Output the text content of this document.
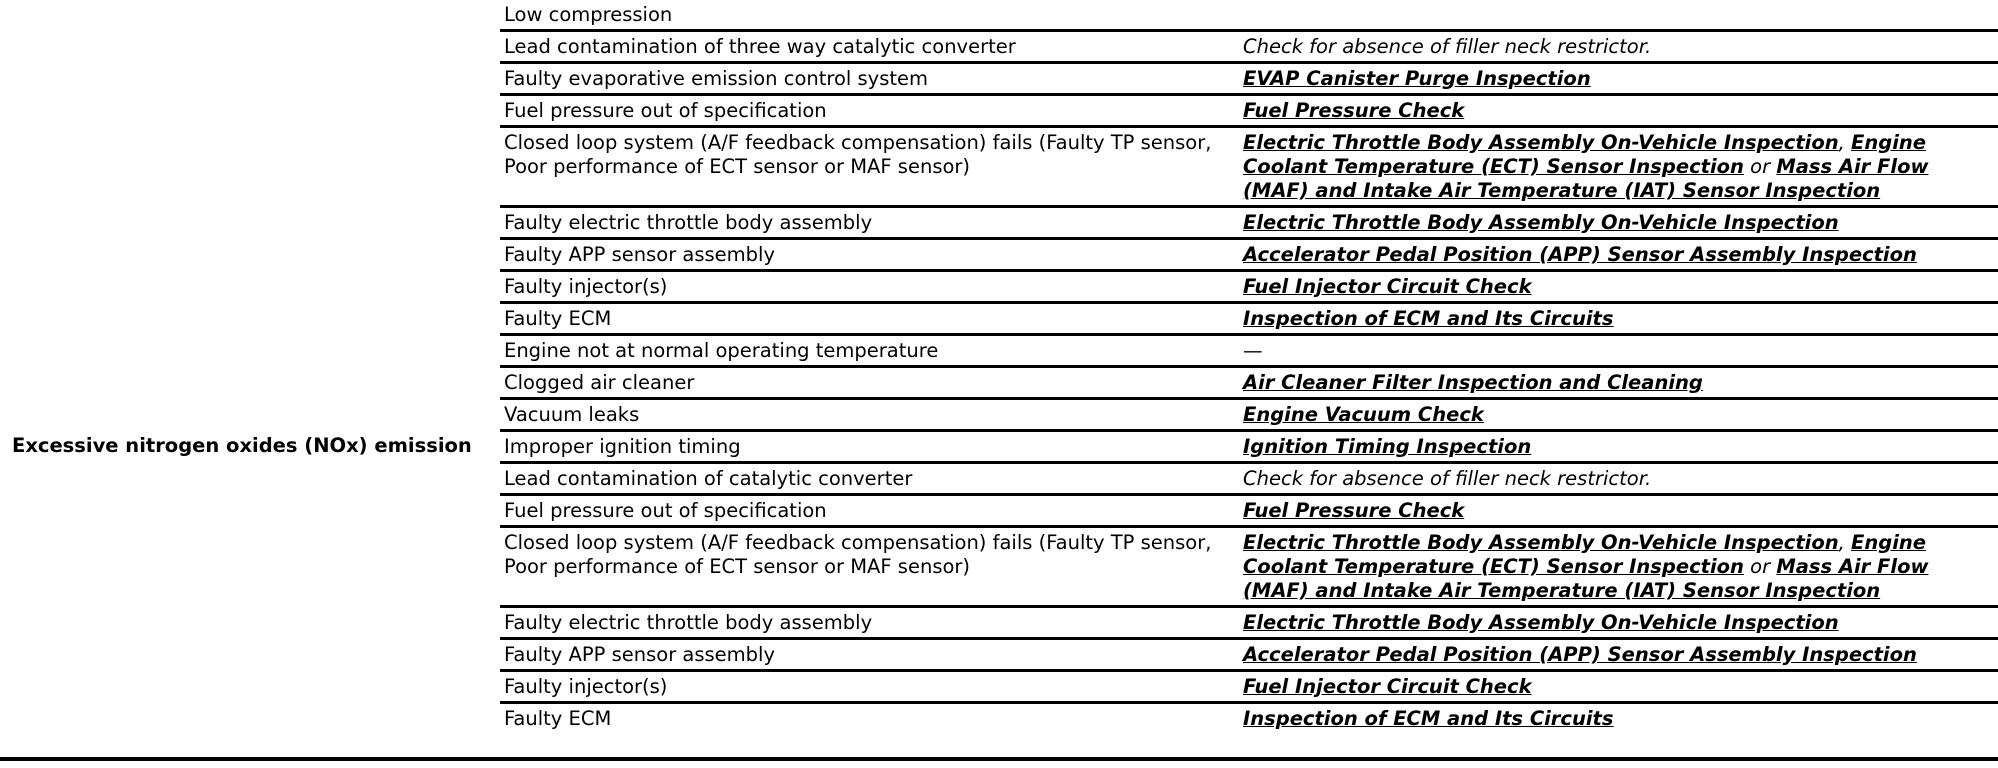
	Low compression	
	Lead contamination of three way catalytic converter	Check for absence of filler neck restrictor.
	Faulty evaporative emission control system	EVAP Canister Purge Inspection
	Fuel pressure out of specification	Fuel Pressure Check
	Closed loop system (A/F feedback compensation) fails (Faulty TP sensor, Poor performance of ECT sensor or MAF sensor)	Electric Throttle Body Assembly On-Vehicle Inspection, Engine Coolant Temperature (ECT) Sensor Inspection or Mass Air Flow (MAF) and Intake Air Temperature (IAT) Sensor Inspection
	Faulty electric throttle body assembly	Electric Throttle Body Assembly On-Vehicle Inspection
	Faulty APP sensor assembly	Accelerator Pedal Position (APP) Sensor Assembly Inspection
	Faulty injector(s)	Fuel Injector Circuit Check
	Faulty ECM	Inspection of ECM and Its Circuits
	Engine not at normal operating temperature	—
	Clogged air cleaner	Air Cleaner Filter Inspection and Cleaning
	Vacuum leaks	Engine Vacuum Check
Excessive nitrogen oxides (NOx) emission	Improper ignition timing	Ignition Timing Inspection
	Lead contamination of catalytic converter	Check for absence of filler neck restrictor.
	Fuel pressure out of specification	Fuel Pressure Check
	Closed loop system (A/F feedback compensation) fails (Faulty TP sensor, Poor performance of ECT sensor or MAF sensor)	Electric Throttle Body Assembly On-Vehicle Inspection, Engine Coolant Temperature (ECT) Sensor Inspection or Mass Air Flow (MAF) and Intake Air Temperature (IAT) Sensor Inspection
	Faulty electric throttle body assembly	Electric Throttle Body Assembly On-Vehicle Inspection
	Faulty APP sensor assembly	Accelerator Pedal Position (APP) Sensor Assembly Inspection
	Faulty injector(s)	Fuel Injector Circuit Check
	Faulty ECM	Inspection of ECM and Its Circuits
